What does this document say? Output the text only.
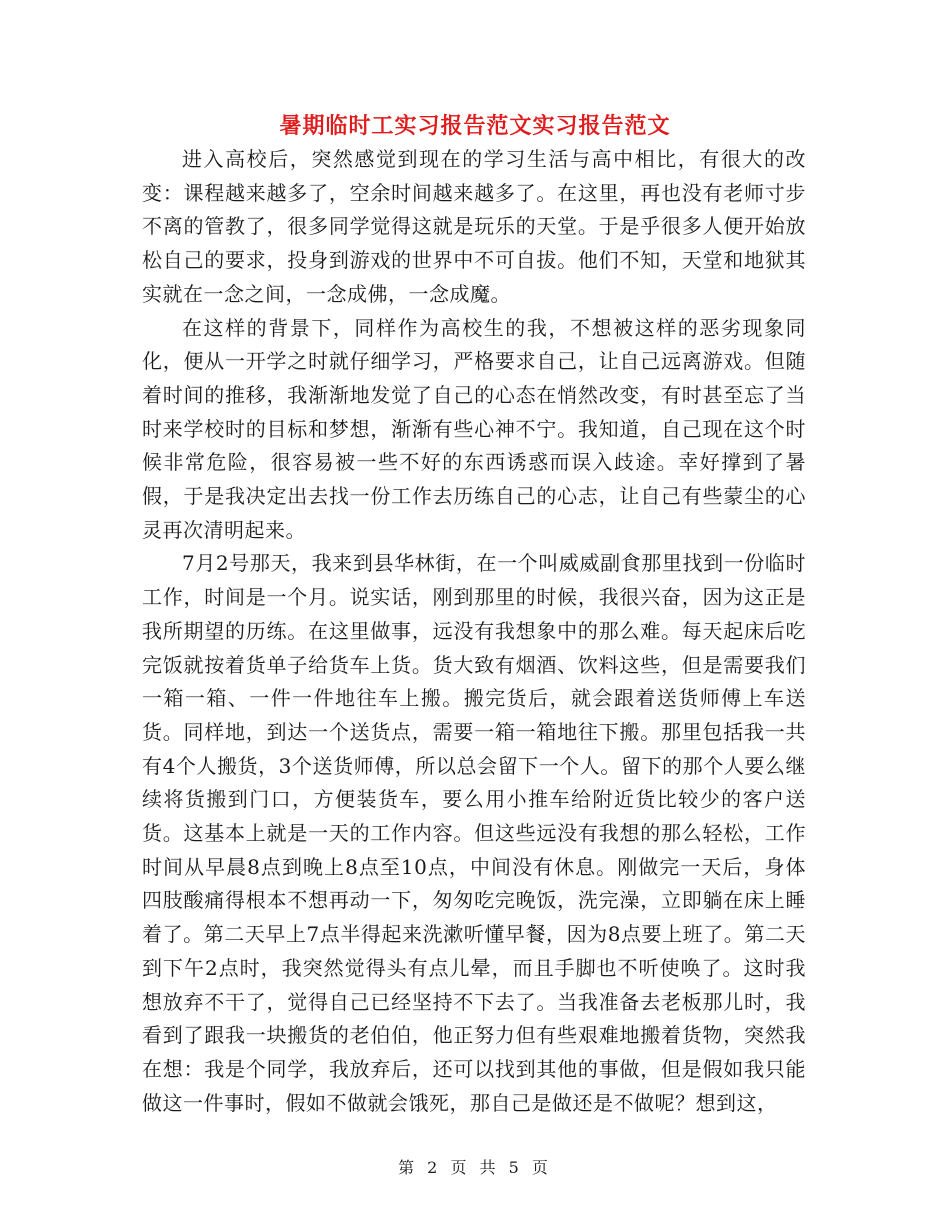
暑期临时工实习报告范文实习报告范文

进入高校后，突然感觉到现在的学习生活与高中相比，有很大的改变：课程越来越多了，空余时间越来越多了。在这里，再也没有老师寸步不离的管教了，很多同学觉得这就是玩乐的天堂。于是乎很多人便开始放松自己的要求，投身到游戏的世界中不可自拔。他们不知，天堂和地狱其实就在一念之间，一念成佛，一念成魔。

在这样的背景下，同样作为高校生的我，不想被这样的恶劣现象同化，便从一开学之时就仔细学习，严格要求自己，让自己远离游戏。但随着时间的推移，我渐渐地发觉了自己的心态在悄然改变，有时甚至忘了当时来学校时的目标和梦想，渐渐有些心神不宁。我知道，自己现在这个时候非常危险，很容易被一些不好的东西诱惑而误入歧途。幸好撑到了暑假，于是我决定出去找一份工作去历练自己的心志，让自己有些蒙尘的心灵再次清明起来。

7月2号那天，我来到县华林街，在一个叫威威副食那里找到一份临时工作，时间是一个月。说实话，刚到那里的时候，我很兴奋，因为这正是我所期望的历练。在这里做事，远没有我想象中的那么难。每天起床后吃完饭就按着货单子给货车上货。货大致有烟酒、饮料这些，但是需要我们一箱一箱、一件一件地往车上搬。搬完货后，就会跟着送货师傅上车送货。同样地，到达一个送货点，需要一箱一箱地往下搬。那里包括我一共有4个人搬货，3个送货师傅，所以总会留下一个人。留下的那个人要么继续将货搬到门口，方便装货车，要么用小推车给附近货比较少的客户送货。这基本上就是一天的工作内容。但这些远没有我想的那么轻松，工作时间从早晨8点到晚上8点至10点，中间没有休息。刚做完一天后，身体四肢酸痛得根本不想再动一下，匆匆吃完晚饭，洗完澡，立即躺在床上睡着了。第二天早上7点半得起来洗漱听懂早餐，因为8点要上班了。第二天到下午2点时，我突然觉得头有点儿晕，而且手脚也不听使唤了。这时我想放弃不干了，觉得自己已经坚持不下去了。当我准备去老板那儿时，我看到了跟我一块搬货的老伯伯，他正努力但有些艰难地搬着货物，突然我在想：我是个同学，我放弃后，还可以找到其他的事做，但是假如我只能做这一件事时，假如不做就会饿死，那自己是做还是不做呢？想到这，

第 2 页 共 5 页
